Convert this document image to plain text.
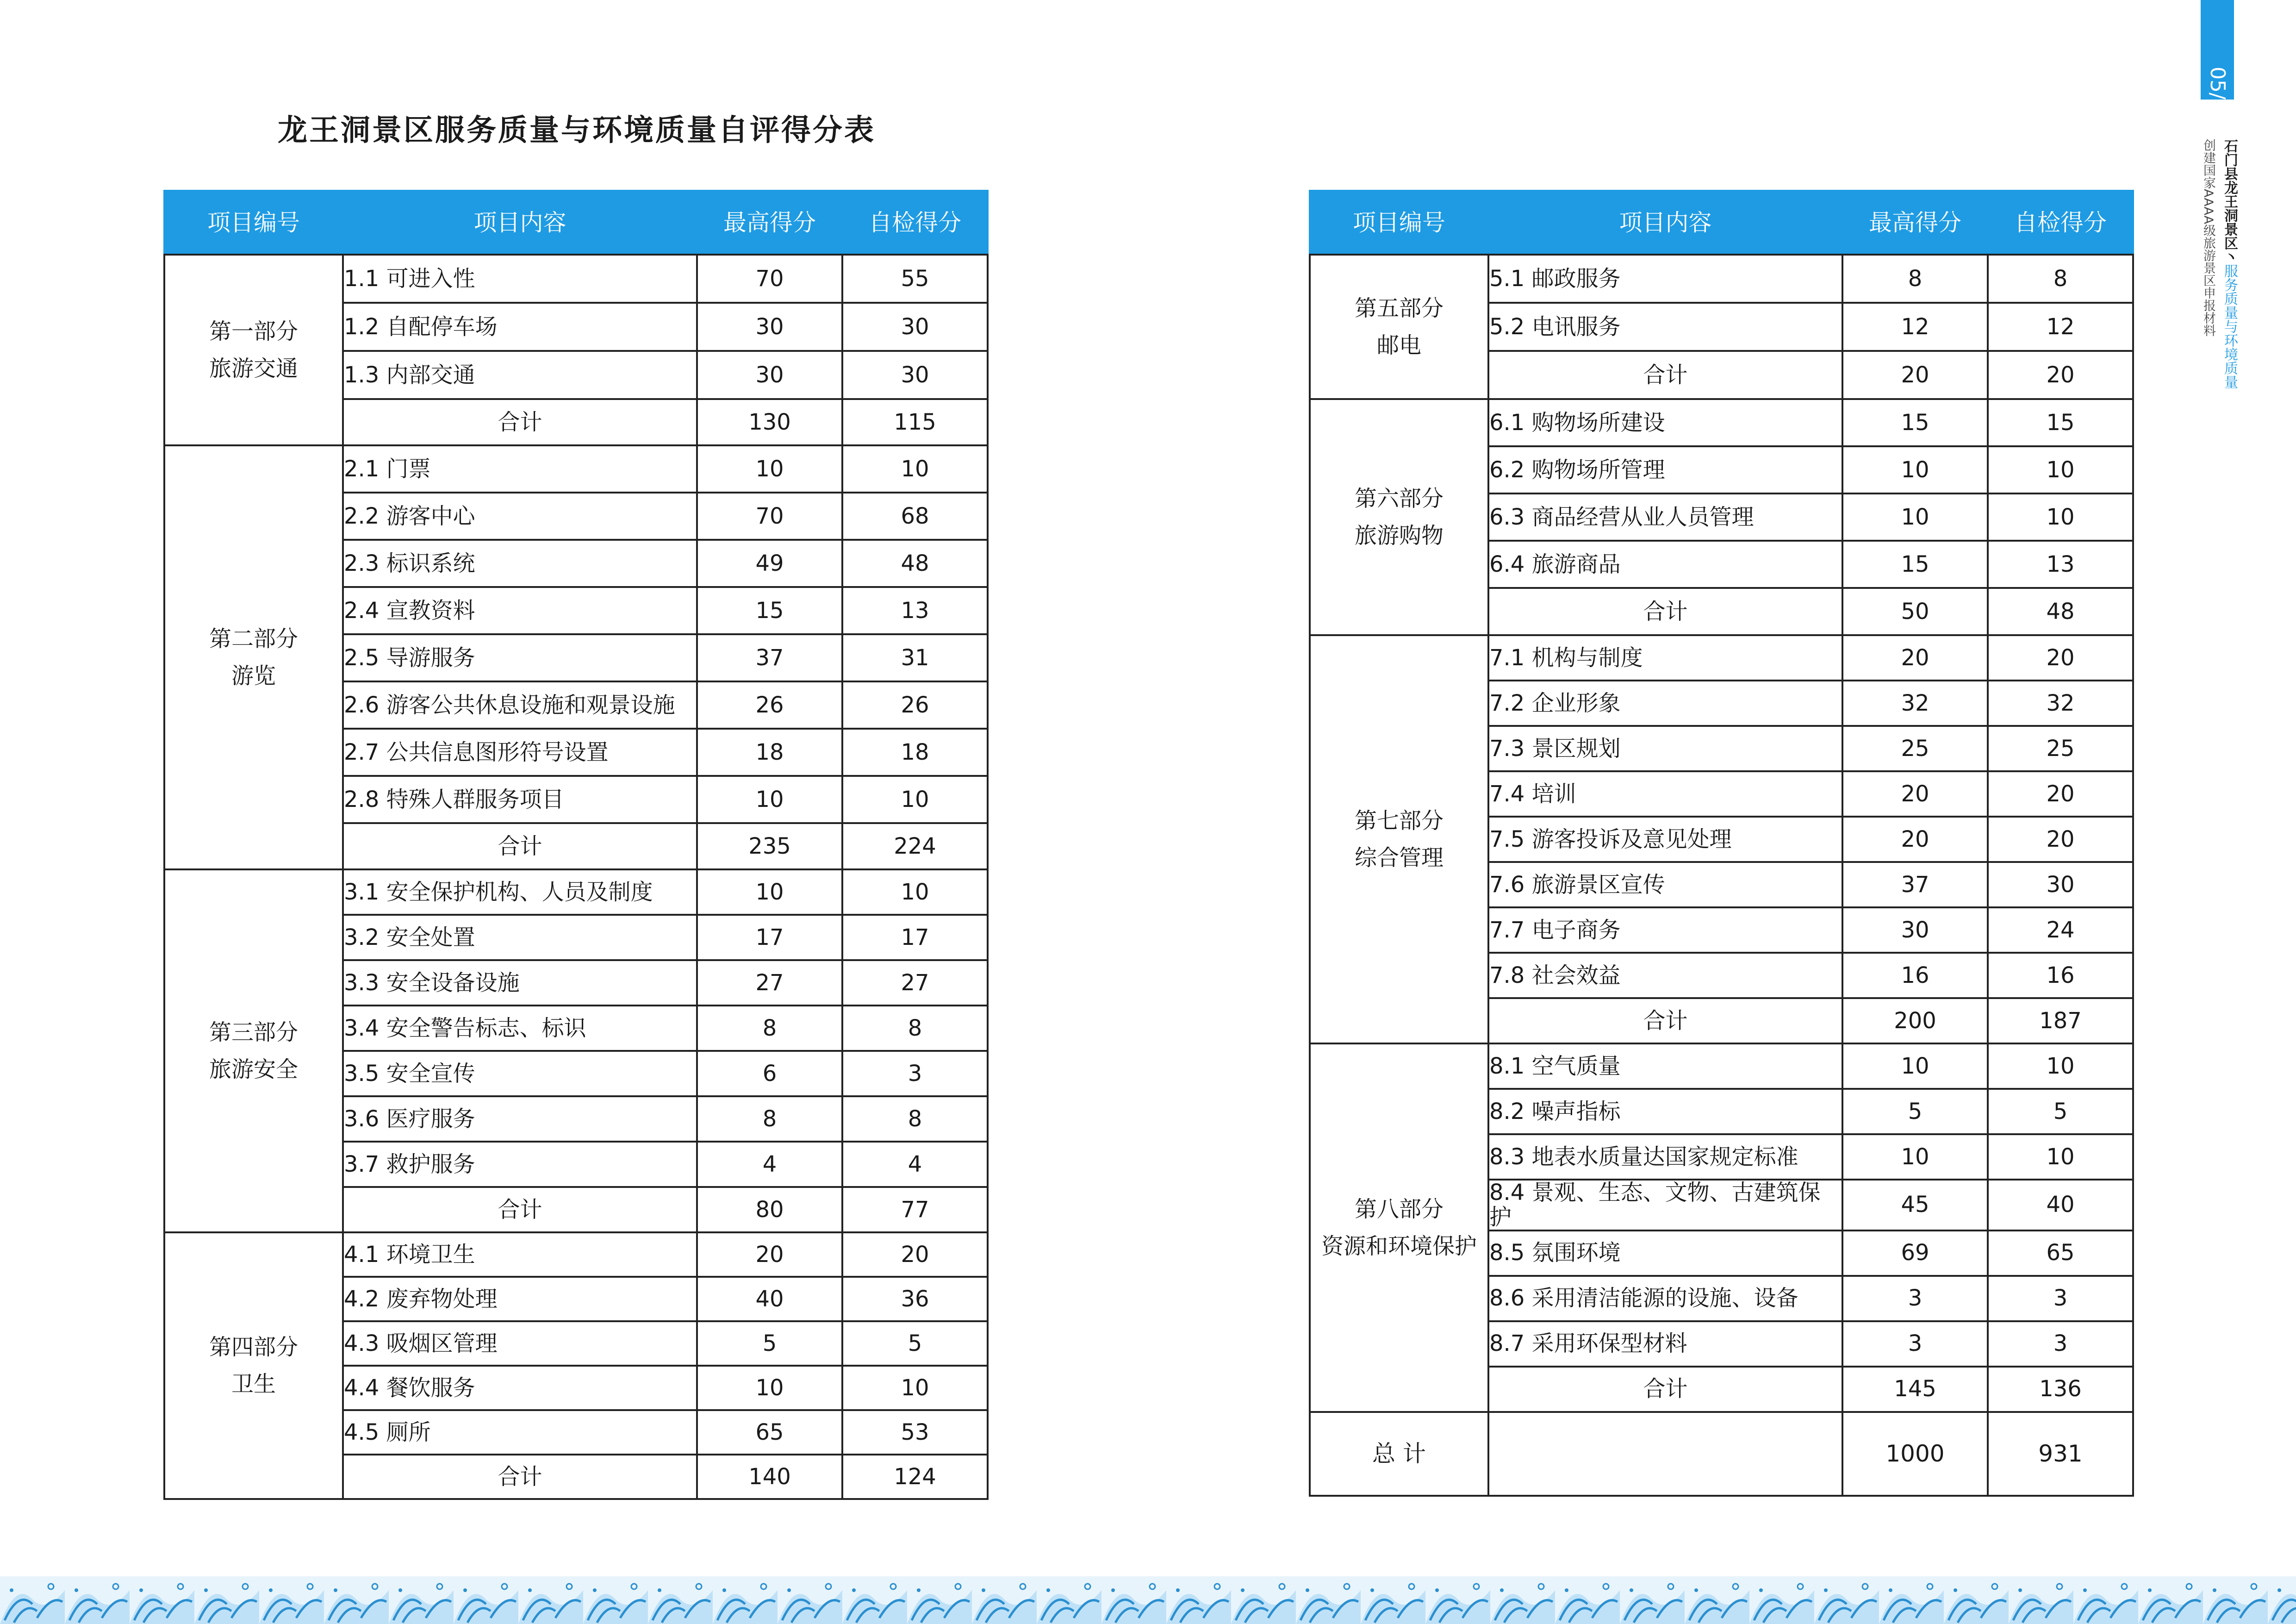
龙王洞景区服务质量与环境质量自评得分表
项目编号	项目内容	最高得分	自检得分

第一部分
旅游交通	1.1 可进入性	70	55
	1.2 自配停车场	30	30
	1.3 内部交通	30	30
	合计	130	115

第二部分
游览	2.1 门票	10	10
	2.2 游客中心	70	68
	2.3 标识系统	49	48
	2.4 宣教资料	15	13
	2.5 导游服务	37	31
	2.6 游客公共休息设施和观景设施	26	26
	2.7 公共信息图形符号设置	18	18
	2.8 特殊人群服务项目	10	10
	合计	235	224

第三部分
旅游安全	3.1 安全保护机构、人员及制度	10	10
	3.2 安全处置	17	17
	3.3 安全设备设施	27	27
	3.4 安全警告标志、标识	8	8
	3.5 安全宣传	6	3
	3.6 医疗服务	8	8
	3.7 救护服务	4	4
	合计	80	77

第四部分
卫生	4.1 环境卫生	20	20
	4.2 废弃物处理	40	36
	4.3 吸烟区管理	5	5
	4.4 餐饮服务	10	10
	4.5 厕所	65	53
	合计	140	124
项目编号	项目内容	最高得分	自检得分

第五部分
邮电	5.1 邮政服务	8	8
	5.2 电讯服务	12	12
	合计	20	20

第六部分
旅游购物	6.1 购物场所建设	15	15
	6.2 购物场所管理	10	10
	6.3 商品经营从业人员管理	10	10
	6.4 旅游商品	15	13
	合计	50	48

第七部分
综合管理	7.1 机构与制度	20	20
	7.2 企业形象	32	32
	7.3 景区规划	25	25
	7.4 培训	20	20
	7.5 游客投诉及意见处理	20	20
	7.6 旅游景区宣传	37	30
	7.7 电子商务	30	24
	7.8 社会效益	16	16
	合计	200	187

第八部分
资源和环境保护	8.1 空气质量	10	10
	8.2 噪声指标	5	5
	8.3 地表水质量达国家规定标准	10	10
	8.4 景观、生态、文物、古建筑保护	45	40
	8.5 氛围环境	69	65
	8.6 采用清洁能源的设施、设备	3	3
	8.7 采用环保型材料	3	3
	合计	145	136
总 计		1000	931
05/06
石门县龙王洞景区丶服务质量与环境质量
创建国家AAAA级旅游景区申报材料
